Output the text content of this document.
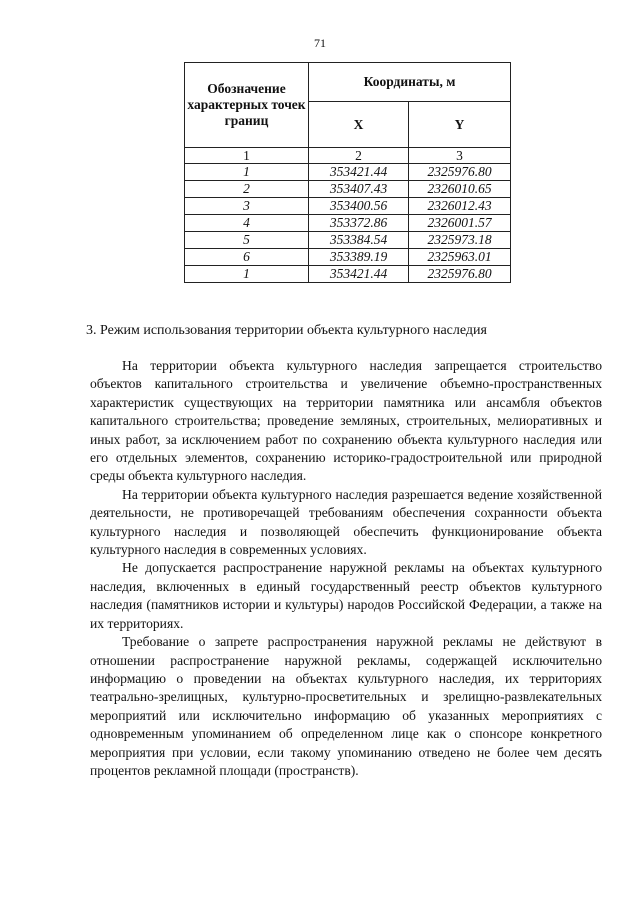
71
Обозначение характерных точек границ	Координаты, м	
	X	Y
1	2	3
1	353421.44	2325976.80
2	353407.43	2326010.65
3	353400.56	2326012.43
4	353372.86	2326001.57
5	353384.54	2325973.18
6	353389.19	2325963.01
1	353421.44	2325976.80
3. Режим использования территории объекта культурного наследия

На территории объекта культурного наследия запрещается строительство объектов капитального строительства и увеличение объемно-пространственных характеристик существующих на территории памятника или ансамбля объектов капитального строительства; проведение земляных, строительных, мелиоративных и иных работ, за исключением работ по сохранению объекта культурного наследия или его отдельных элементов, сохранению историко-градостроительной или природной среды объекта культурного наследия.

На территории объекта культурного наследия разрешается ведение хозяйственной деятельности, не противоречащей требованиям обеспечения сохранности объекта культурного наследия и позволяющей обеспечить функционирование объекта культурного наследия в современных условиях.

Не допускается распространение наружной рекламы на объектах культурного наследия, включенных в единый государственный реестр объектов культурного наследия (памятников истории и культуры) народов Российской Федерации, а также на их территориях.

Требование о запрете распространения наружной рекламы не действуют в отношении распространение наружной рекламы, содержащей исключительно информацию о проведении на объектах культурного наследия, их территориях театрально-зрелищных, культурно-просветительных и зрелищно-развлекательных мероприятий или исключительно информацию об указанных мероприятиях с одновременным упоминанием об определенном лице как о спонсоре конкретного мероприятия при условии, если такому упоминанию отведено не более чем десять процентов рекламной площади (пространств).
